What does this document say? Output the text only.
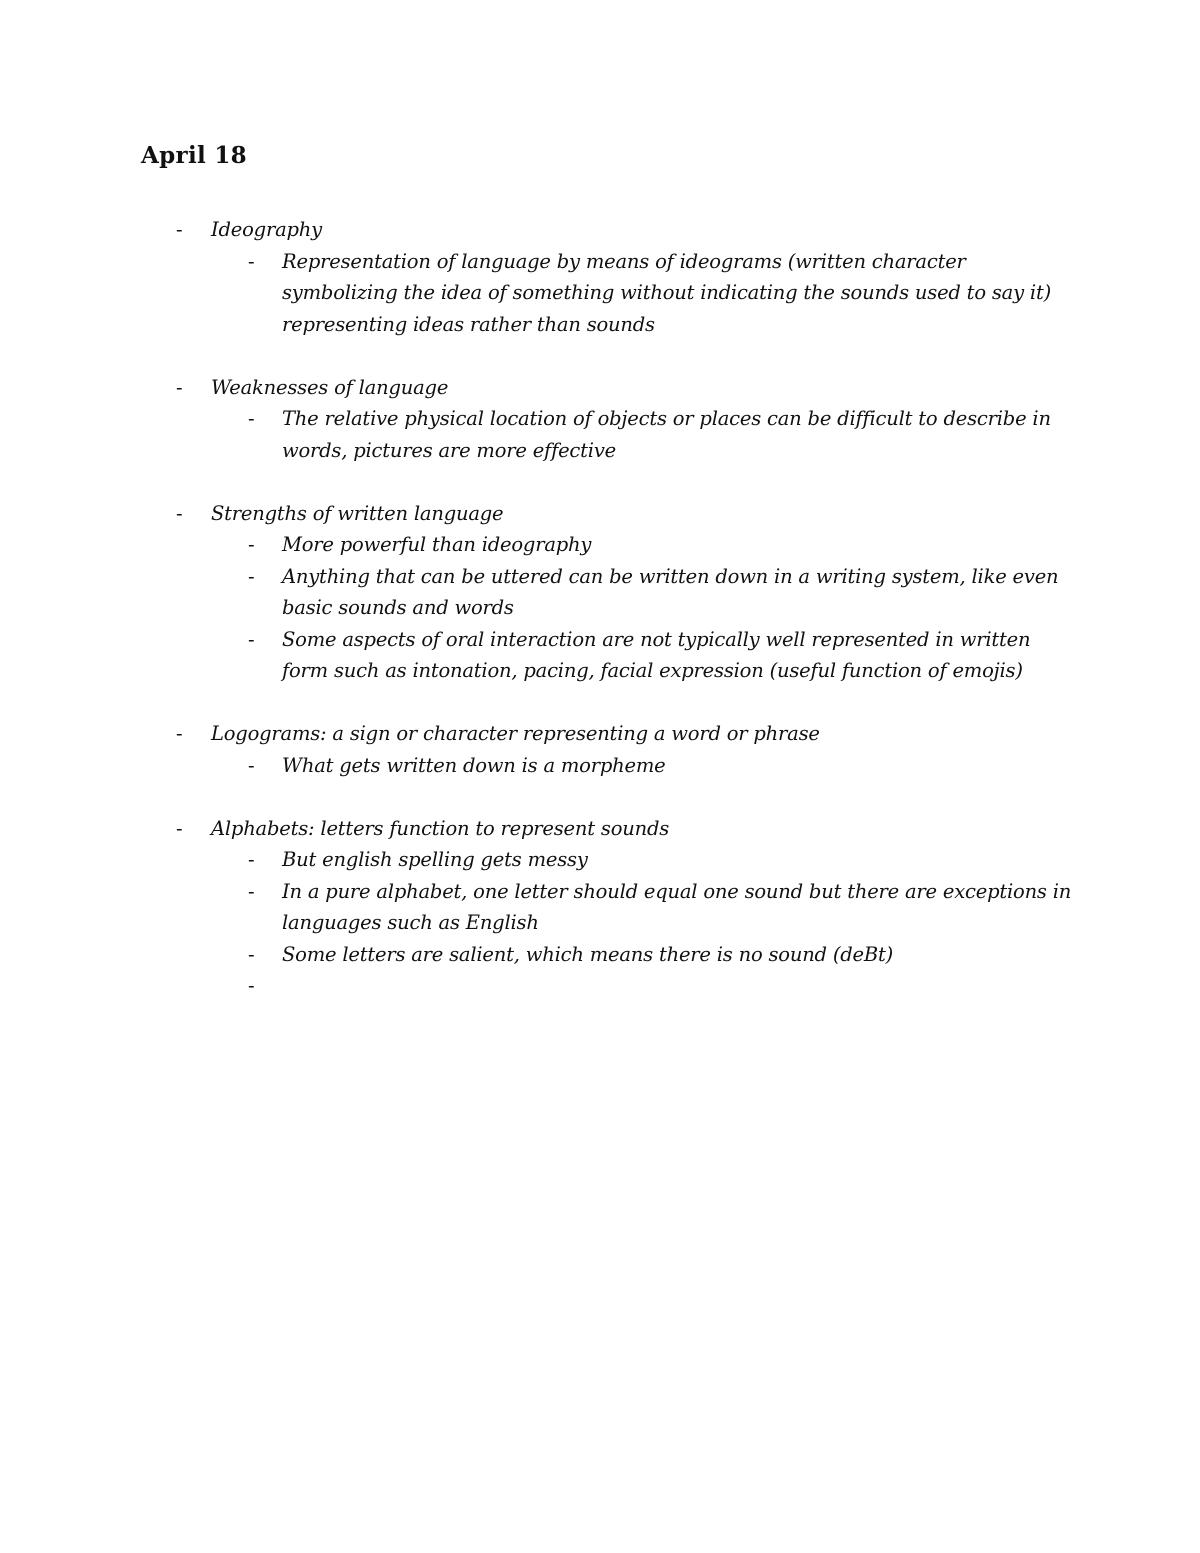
April 18

- Ideography

- Representation of language by means of ideograms (written character symbolizing the idea of something without indicating the sounds used to say it) representing ideas rather than sounds

- Weaknesses of language

- The relative physical location of objects or places can be difficult to describe in words, pictures are more effective

- Strengths of written language

- More powerful than ideography

- Anything that can be uttered can be written down in a writing system, like even basic sounds and words

- Some aspects of oral interaction are not typically well represented in written form such as intonation, pacing, facial expression (useful function of emojis)

- Logograms: a sign or character representing a word or phrase

- What gets written down is a morpheme

- Alphabets: letters function to represent sounds

- But english spelling gets messy

- In a pure alphabet, one letter should equal one sound but there are exceptions in languages such as English

- Some letters are salient, which means there is no sound (deBt)

-
